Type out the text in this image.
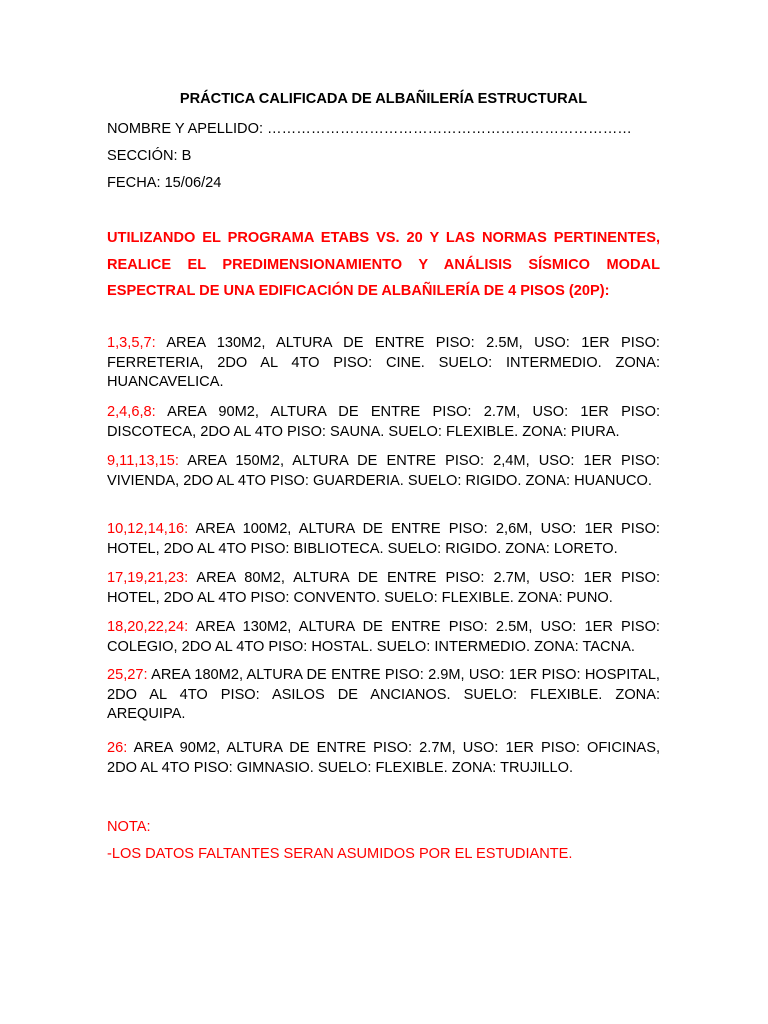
PRÁCTICA CALIFICADA DE ALBAÑILERÍA ESTRUCTURAL
NOMBRE Y APELLIDO: …………………………………………………………………
SECCIÓN: B
FECHA: 15/06/24
UTILIZANDO EL PROGRAMA ETABS VS. 20 Y LAS NORMAS PERTINENTES,
REALICE EL PREDIMENSIONAMIENTO Y ANÁLISIS SÍSMICO MODAL
ESPECTRAL DE UNA EDIFICACIÓN DE ALBAÑILERÍA DE 4 PISOS (20P):
1,3,5,7: AREA 130M2, ALTURA DE ENTRE PISO: 2.5M, USO: 1ER PISO: FERRETERIA, 2DO AL 4TO PISO: CINE. SUELO: INTERMEDIO. ZONA: HUANCAVELICA.
2,4,6,8: AREA 90M2, ALTURA DE ENTRE PISO: 2.7M, USO: 1ER PISO: DISCOTECA, 2DO AL 4TO PISO: SAUNA. SUELO: FLEXIBLE. ZONA: PIURA.
9,11,13,15: AREA 150M2, ALTURA DE ENTRE PISO: 2,4M, USO: 1ER PISO: VIVIENDA, 2DO AL 4TO PISO: GUARDERIA. SUELO: RIGIDO. ZONA: HUANUCO.
10,12,14,16: AREA 100M2, ALTURA DE ENTRE PISO: 2,6M, USO: 1ER PISO: HOTEL, 2DO AL 4TO PISO: BIBLIOTECA. SUELO: RIGIDO. ZONA: LORETO.
17,19,21,23: AREA 80M2, ALTURA DE ENTRE PISO: 2.7M, USO: 1ER PISO: HOTEL, 2DO AL 4TO PISO: CONVENTO. SUELO: FLEXIBLE. ZONA: PUNO.
18,20,22,24: AREA 130M2, ALTURA DE ENTRE PISO: 2.5M, USO: 1ER PISO: COLEGIO, 2DO AL 4TO PISO: HOSTAL. SUELO: INTERMEDIO. ZONA: TACNA.
25,27: AREA 180M2, ALTURA DE ENTRE PISO: 2.9M, USO: 1ER PISO: HOSPITAL, 2DO AL 4TO PISO: ASILOS DE ANCIANOS. SUELO: FLEXIBLE. ZONA: AREQUIPA.
26: AREA 90M2, ALTURA DE ENTRE PISO: 2.7M, USO: 1ER PISO: OFICINAS, 2DO AL 4TO PISO: GIMNASIO. SUELO: FLEXIBLE. ZONA: TRUJILLO.
NOTA:
-LOS DATOS FALTANTES SERAN ASUMIDOS POR EL ESTUDIANTE.
